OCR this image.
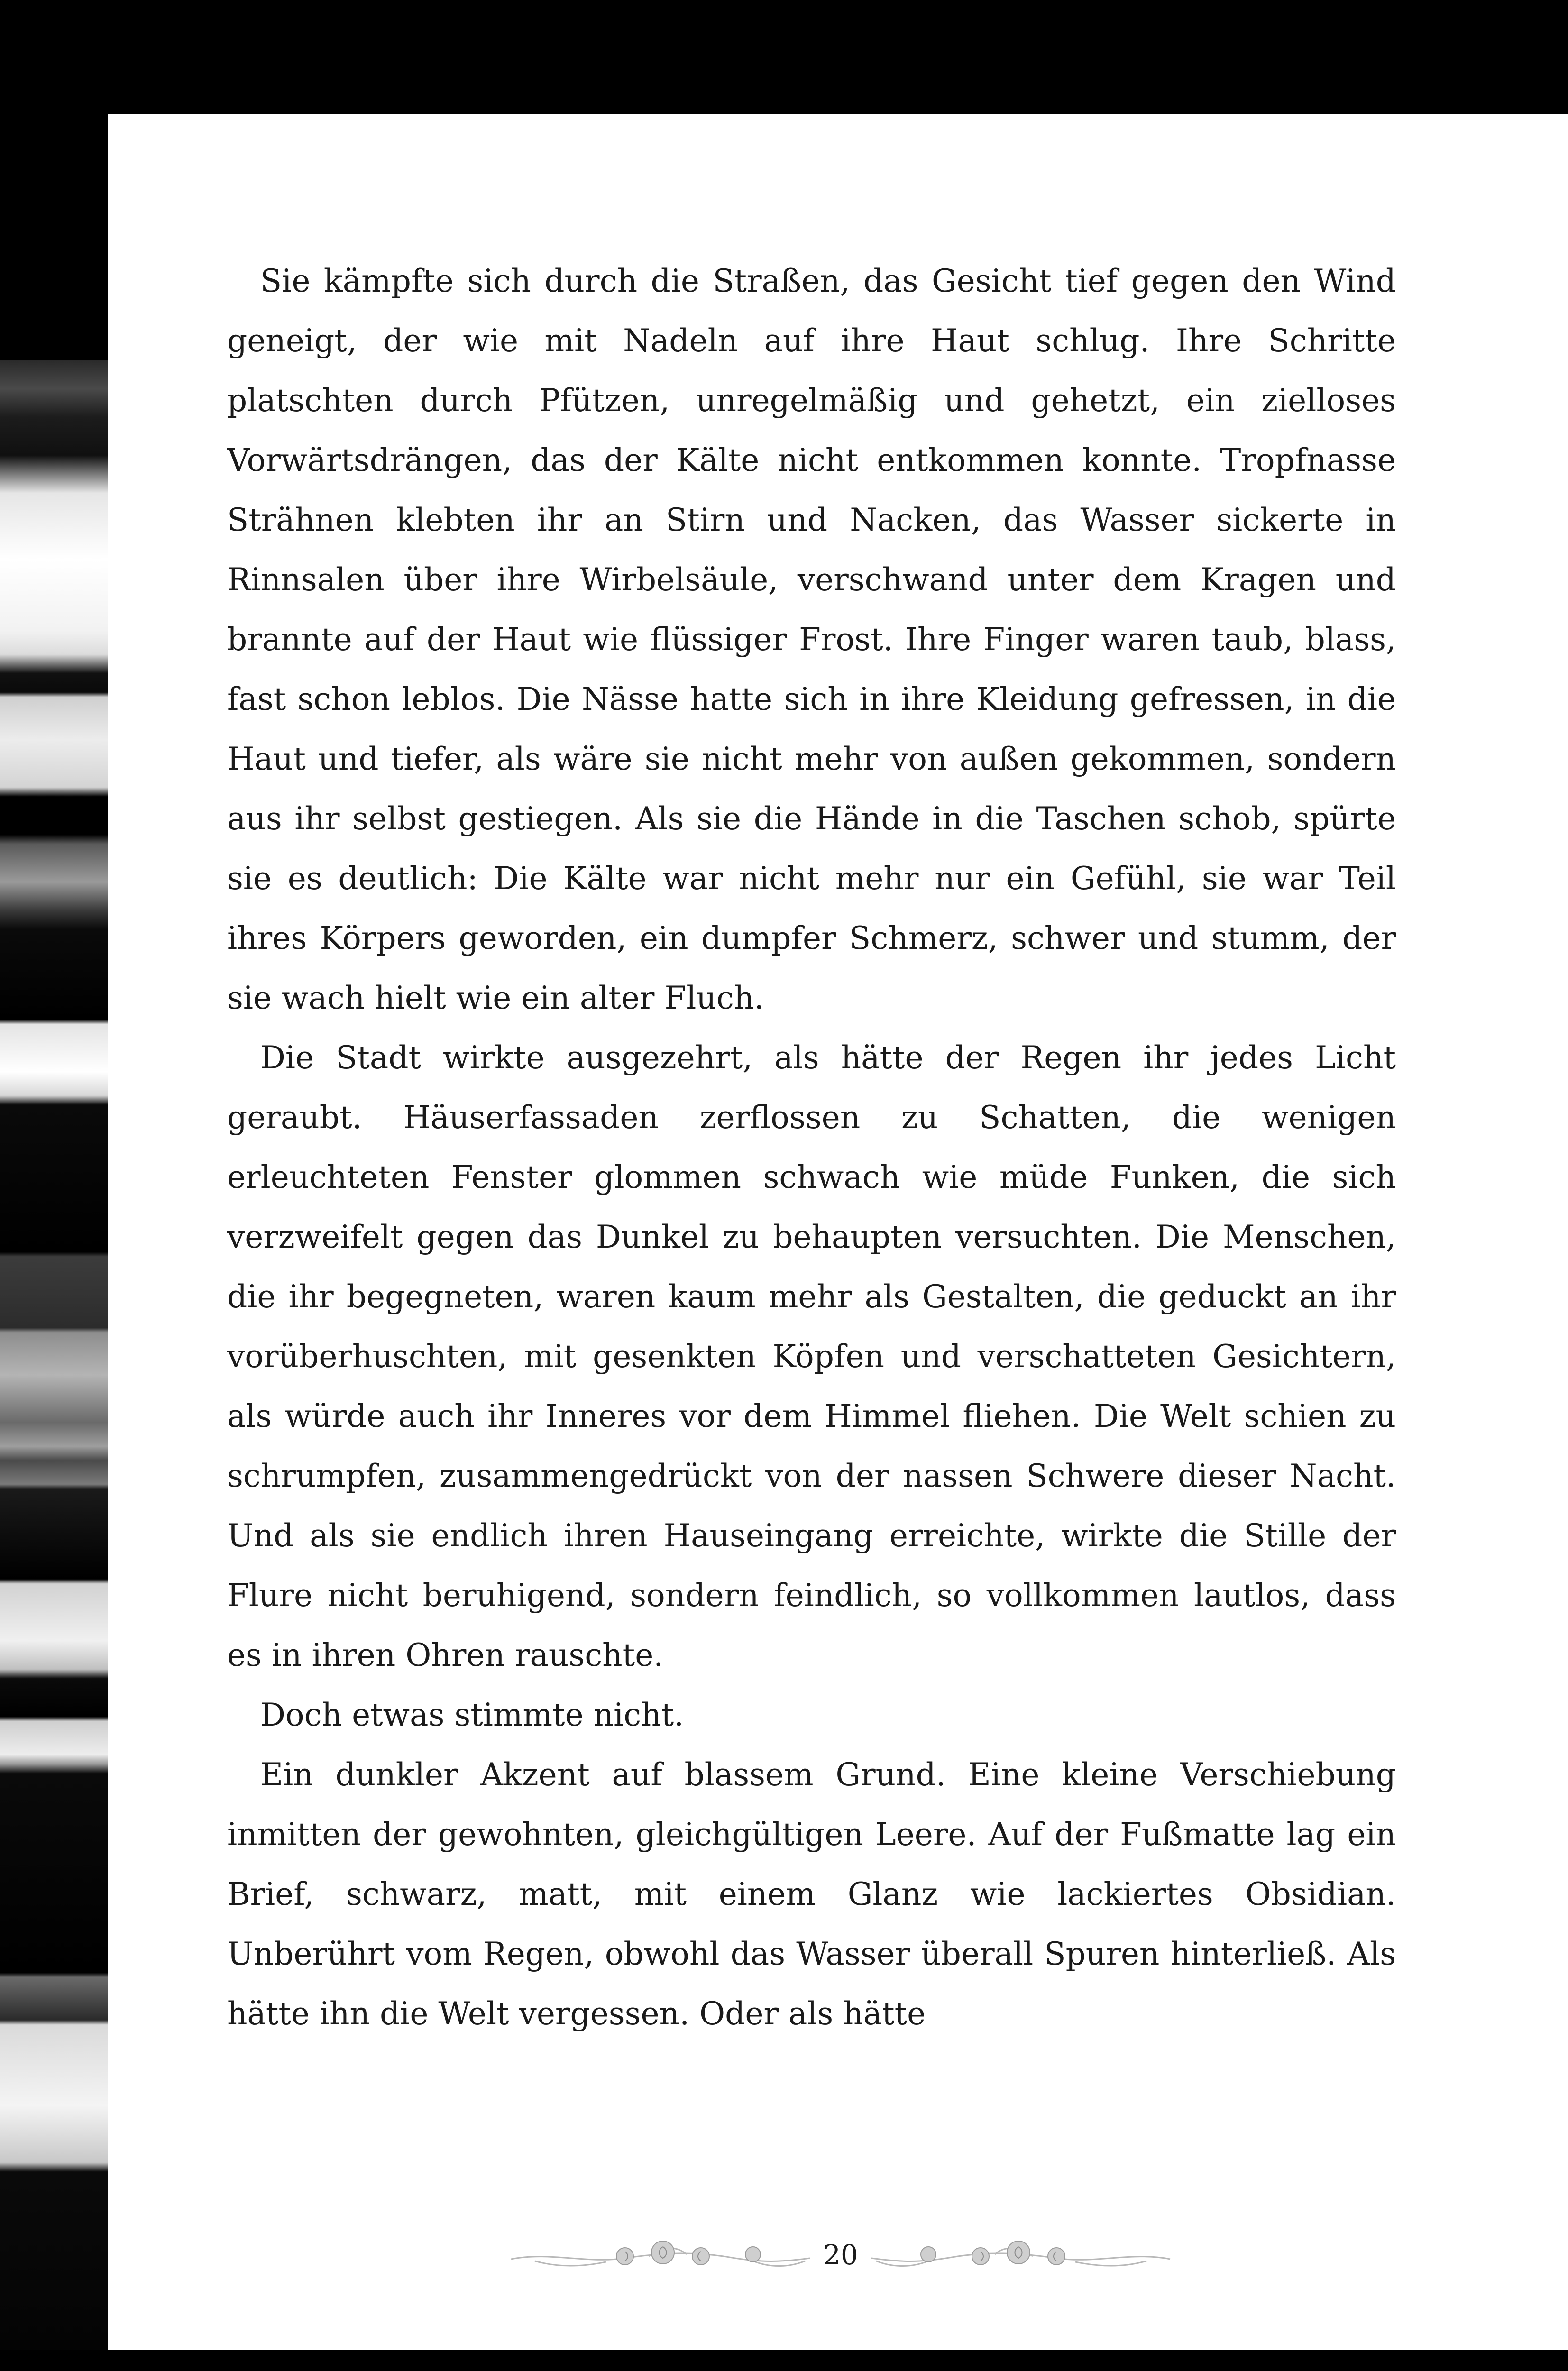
Sie kämpfte sich durch die Straßen, das Gesicht tief gegen den Wind geneigt, der wie mit Nadeln auf ihre Haut schlug. Ihre Schritte platschten durch Pfützen, unregelmäßig und gehetzt, ein zielloses Vorwärtsdrängen, das der Kälte nicht entkommen konnte. Tropfnasse Strähnen klebten ihr an Stirn und Nacken, das Wasser sickerte in Rinnsalen über ihre Wirbelsäule, verschwand unter dem Kragen und brannte auf der Haut wie flüssiger Frost. Ihre Finger waren taub, blass, fast schon leblos. Die Nässe hatte sich in ihre Kleidung gefressen, in die Haut und tiefer, als wäre sie nicht mehr von außen gekommen, sondern aus ihr selbst gestiegen. Als sie die Hände in die Taschen schob, spürte sie es deutlich: Die Kälte war nicht mehr nur ein Gefühl, sie war Teil ihres Körpers geworden, ein dumpfer Schmerz, schwer und stumm, der sie wach hielt wie ein alter Fluch.

Die Stadt wirkte ausgezehrt, als hätte der Regen ihr jedes Licht geraubt. Häuserfassaden zerflossen zu Schatten, die wenigen erleuchteten Fenster glommen schwach wie müde Funken, die sich verzweifelt gegen das Dunkel zu behaupten versuchten. Die Menschen, die ihr begegneten, waren kaum mehr als Gestalten, die geduckt an ihr vorüberhuschten, mit gesenkten Köpfen und verschatteten Gesichtern, als würde auch ihr Inneres vor dem Himmel fliehen. Die Welt schien zu schrumpfen, zusammengedrückt von der nassen Schwere dieser Nacht. Und als sie endlich ihren Hauseingang erreichte, wirkte die Stille der Flure nicht beruhigend, sondern feindlich, so vollkommen lautlos, dass es in ihren Ohren rauschte.

Doch etwas stimmte nicht.

Ein dunkler Akzent auf blassem Grund. Eine kleine Verschiebung inmitten der gewohnten, gleichgültigen Leere. Auf der Fußmatte lag ein Brief, schwarz, matt, mit einem Glanz wie lackiertes Obsidian. Unberührt vom Regen, obwohl das Wasser überall Spuren hinterließ. Als hätte ihn die Welt vergessen. Oder als hätte

20
